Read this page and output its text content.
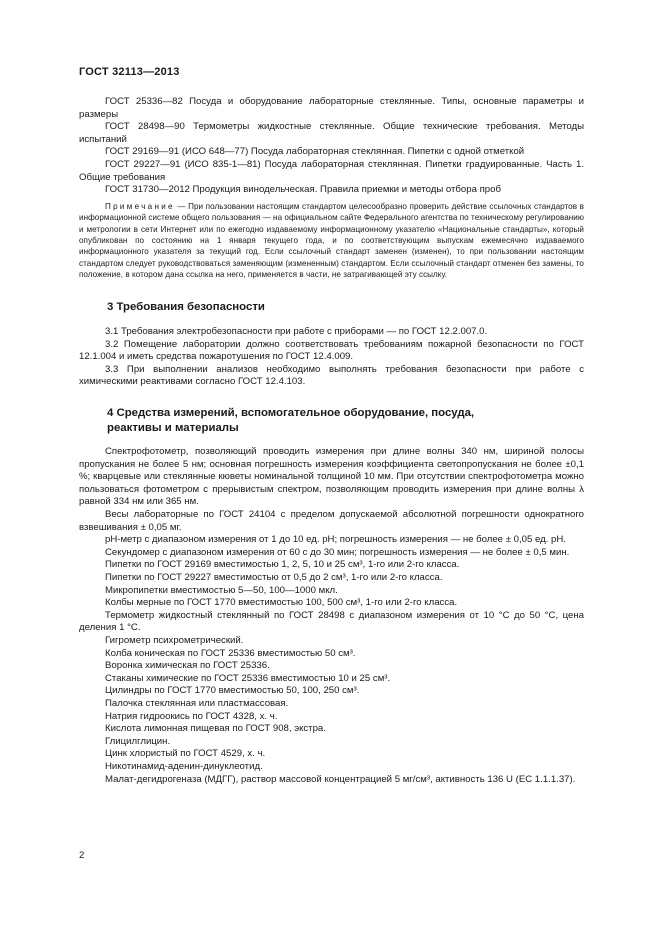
ГОСТ 32113—2013

ГОСТ 25336—82 Посуда и оборудование лабораторные стеклянные. Типы, основные параметры и размеры

ГОСТ 28498—90 Термометры жидкостные стеклянные. Общие технические требования. Методы испытаний

ГОСТ 29169—91 (ИСО 648—77) Посуда лабораторная стеклянная. Пипетки с одной отметкой

ГОСТ 29227—91 (ИСО 835-1—81) Посуда лабораторная стеклянная. Пипетки градуированные. Часть 1. Общие требования

ГОСТ 31730—2012 Продукция винодельческая. Правила приемки и методы отбора проб

Примечание — При пользовании настоящим стандартом целесообразно проверить действие ссылочных стандартов в информационной системе общего пользования — на официальном сайте Федерального агентства по техническому регулированию и метрологии в сети Интернет или по ежегодно издаваемому информационному указателю «Национальные стандарты», который опубликован по состоянию на 1 января текущего года, и по соответствующим выпускам ежемесячно издаваемого информационного указателя за текущий год. Если ссылочный стандарт заменен (изменен), то при пользовании настоящим стандартом следует руководствоваться заменяющим (измененным) стандартом. Если ссылочный стандарт отменен без замены, то положение, в котором дана ссылка на него, применяется в части, не затрагивающей эту ссылку.

3 Требования безопасности

3.1 Требования электробезопасности при работе с приборами — по ГОСТ 12.2.007.0.

3.2 Помещение лаборатории должно соответствовать требованиям пожарной безопасности по ГОСТ 12.1.004 и иметь средства пожаротушения по ГОСТ 12.4.009.

3.3 При выполнении анализов необходимо выполнять требования безопасности при работе с химическими реактивами согласно ГОСТ 12.4.103.

4 Средства измерений, вспомогательное оборудование, посуда,
реактивы и материалы

Спектрофотометр, позволяющий проводить измерения при длине волны 340 нм, шириной полосы пропускания не более 5 нм; основная погрешность измерения коэффициента светопропускания не более ±0,1 %; кварцевые или стеклянные кюветы номинальной толщиной 10 мм. При отсутствии спектрофотометра можно пользоваться фотометром с прерывистым спектром, позволяющим проводить измерения при длине волны λ равной 334 нм или 365 нм.

Весы лабораторные по ГОСТ 24104 с пределом допускаемой абсолютной погрешности однократного взвешивания ± 0,05 мг.

pH-метр с диапазоном измерения от 1 до 10 ед. pH; погрешность измерения — не более ± 0,05 ед. pH.

Секундомер с диапазоном измерения от 60 с до 30 мин; погрешность измерения — не более ± 0,5 мин.

Пипетки по ГОСТ 29169 вместимостью 1, 2, 5, 10 и 25 см³, 1-го или 2-го класса.

Пипетки по ГОСТ 29227 вместимостью от 0,5 до 2 см³, 1-го или 2-го класса.

Микропипетки вместимостью 5—50, 100—1000 мкл.

Колбы мерные по ГОСТ 1770 вместимостью 100, 500 см³, 1-го или 2-го класса.

Термометр жидкостный стеклянный по ГОСТ 28498 с диапазоном измерения от 10 °С до 50 °С, цена деления 1 °С.

Гигрометр психрометрический.

Колба коническая по ГОСТ 25336 вместимостью 50 см³.

Воронка химическая по ГОСТ 25336.

Стаканы химические по ГОСТ 25336 вместимостью 10 и 25 см³.

Цилиндры по ГОСТ 1770 вместимостью 50, 100, 250 см³.

Палочка стеклянная или пластмассовая.

Натрия гидроокись по ГОСТ 4328, х. ч.

Кислота лимонная пищевая по ГОСТ 908, экстра.

Глицилглицин.

Цинк хлористый по ГОСТ 4529, х. ч.

Никотинамид-аденин-динуклеотид.

Малат-дегидрогеназа (МДГГ), раствор массовой концентрацией 5 мг/см³, активность 136 U (ЕС 1.1.1.37).

2
